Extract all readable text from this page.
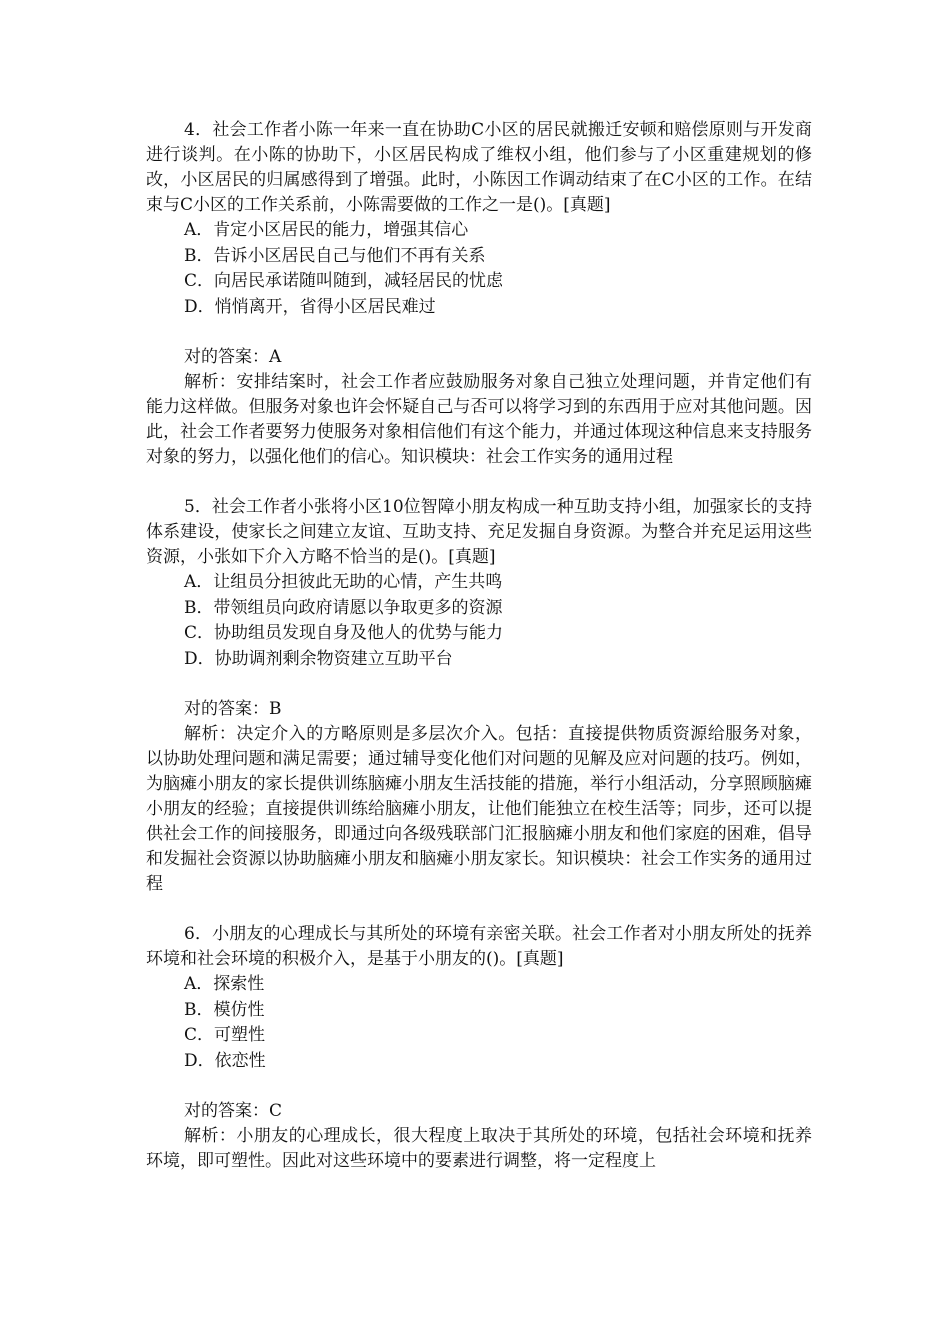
4．社会工作者小陈一年来一直在协助C小区的居民就搬迁安顿和赔偿原则与开发商进行谈判。在小陈的协助下，小区居民构成了维权小组，他们参与了小区重建规划的修改，小区居民的归属感得到了增强。此时，小陈因工作调动结束了在C小区的工作。在结束与C小区的工作关系前，小陈需要做的工作之一是()。[真题]

A．肯定小区居民的能力，增强其信心

B．告诉小区居民自己与他们不再有关系

C．向居民承诺随叫随到，减轻居民的忧虑

D．悄悄离开，省得小区居民难过

对的答案：A

解析：安排结案时，社会工作者应鼓励服务对象自己独立处理问题，并肯定他们有能力这样做。但服务对象也许会怀疑自己与否可以将学习到的东西用于应对其他问题。因此，社会工作者要努力使服务对象相信他们有这个能力，并通过体现这种信息来支持服务对象的努力，以强化他们的信心。知识模块：社会工作实务的通用过程

5．社会工作者小张将小区10位智障小朋友构成一种互助支持小组，加强家长的支持体系建设，使家长之间建立友谊、互助支持、充足发掘自身资源。为整合并充足运用这些资源，小张如下介入方略不恰当的是()。[真题]

A．让组员分担彼此无助的心情，产生共鸣

B．带领组员向政府请愿以争取更多的资源

C．协助组员发现自身及他人的优势与能力

D．协助调剂剩余物资建立互助平台

对的答案：B

解析：决定介入的方略原则是多层次介入。包括：直接提供物质资源给服务对象，以协助处理问题和满足需要；通过辅导变化他们对问题的见解及应对问题的技巧。例如，为脑瘫小朋友的家长提供训练脑瘫小朋友生活技能的措施，举行小组活动，分享照顾脑瘫小朋友的经验；直接提供训练给脑瘫小朋友，让他们能独立在校生活等；同步，还可以提供社会工作的间接服务，即通过向各级残联部门汇报脑瘫小朋友和他们家庭的困难，倡导和发掘社会资源以协助脑瘫小朋友和脑瘫小朋友家长。知识模块：社会工作实务的通用过程

6．小朋友的心理成长与其所处的环境有亲密关联。社会工作者对小朋友所处的抚养环境和社会环境的积极介入，是基于小朋友的()。[真题]

A．探索性

B．模仿性

C．可塑性

D．依恋性

对的答案：C

解析：小朋友的心理成长，很大程度上取决于其所处的环境，包括社会环境和抚养环境，即可塑性。因此对这些环境中的要素进行调整，将一定程度上
